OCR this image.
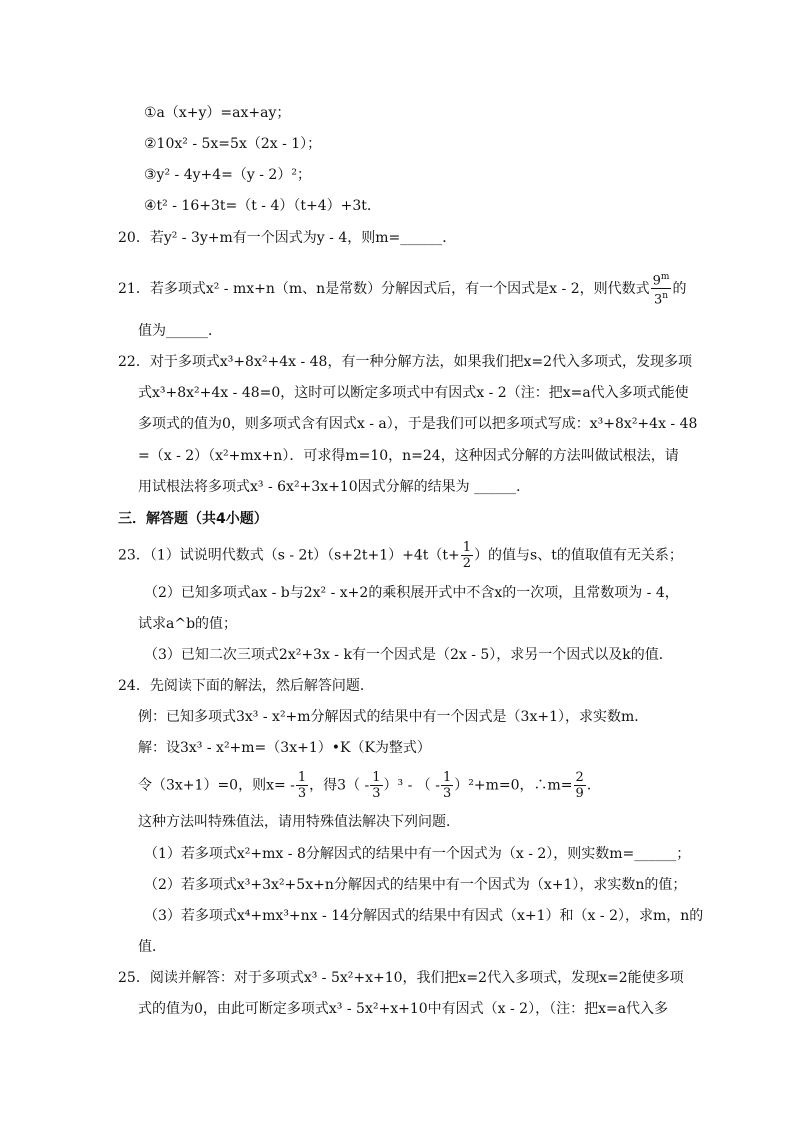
①a（x+y）=ax+ay；
②10x² - 5x=5x（2x - 1）；
③y² - 4y+4=（y - 2）²；
④t² - 16+3t=（t - 4）（t+4）+3t.
20．若y² - 3y+m有一个因式为y - 4，则m=______．
21．若多项式x² - mx+n（m、n是常数）分解因式后，有一个因式是x - 2，则代数式 $\frac{9^m}{3^n}$ 的
值为______．
22．对于多项式x³+8x²+4x - 48，有一种分解方法，如果我们把x=2代入多项式，发现多项
式x³+8x²+4x - 48=0，这时可以断定多项式中有因式x - 2（注：把x=a代入多项式能使
多项式的值为0，则多项式含有因式x - a），于是我们可以把多项式写成：x³+8x²+4x - 48
=（x - 2）（x²+mx+n）．可求得m=10，n=24，这种因式分解的方法叫做试根法，请
用试根法将多项式x³ - 6x²+3x+10因式分解的结果为 ______．
三．解答题（共4小题）
23．（1）试说明代数式$(s - 2t)(s+2t+1)+4t(t+ \frac{1}{2}$ ）的值与s、t的值取值有无关系；
（2）已知多项式ax - b与2x² - x+2的乘积展开式中不含x的一次项，且常数项为 - 4，
试求a^b的值；
（3）已知二次三项式2x²+3x - k有一个因式是（2x - 5），求另一个因式以及k的值．
24．先阅读下面的解法，然后解答问题．
例：已知多项式3x³ - x²+m分解因式的结果中有一个因式是（3x+1），求实数m．
解：设3x³ - x²+m=（3x+1）•K（K为整式）
令（3x+1）=0，则$x= - \frac{1}{3}$ ，得$3( - \frac{1}{3} )^3$ - （ - $\frac{1}{3} )^2+m=0$，∴m= $\frac{2}{9}$ ．
这种方法叫特殊值法，请用特殊值法解决下列问题．
（1）若多项式x²+mx - 8分解因式的结果中有一个因式为（x - 2），则实数m=______；
（2）若多项式x³+3x²+5x+n分解因式的结果中有一个因式为（x+1），求实数n的值；
（3）若多项式x⁴+mx³+nx - 14分解因式的结果中有因式（x+1）和（x - 2），求m，n的
值．
25．阅读并解答：对于多项式x³ - 5x²+x+10，我们把x=2代入多项式，发现x=2能使多项
式的值为0，由此可断定多项式x³ - 5x²+x+10中有因式（x - 2），（注：把x=a代入多
